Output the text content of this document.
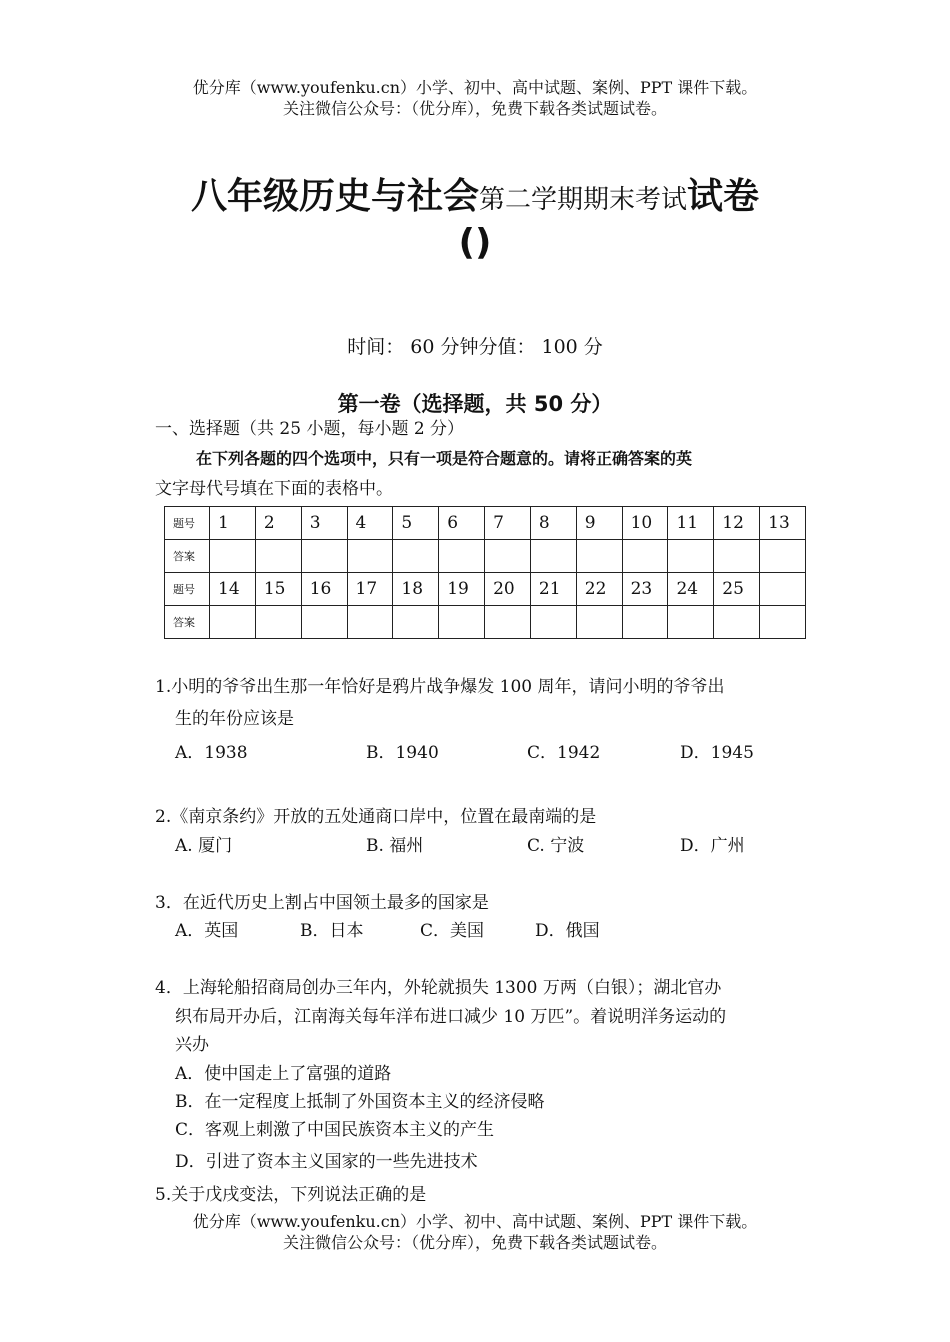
优分库（www.youfenku.cn）小学、初中、高中试题、案例、PPT 课件下载。
关注微信公众号：（优分库），免费下载各类试题试卷。
八年级历史与社会第二学期期末考试试卷
()
时间： 60 分钟分值： 100 分
第一卷（选择题，共 50 分）
一、选择题（共 25 小题，每小题 2 分）
在下列各题的四个选项中，只有一项是符合题意的。请将正确答案的英
文字母代号填在下面的表格中。
题号	1	2	3	4	5	6	7	8	9	10	11	12	13
答案													
题号	14	15	16	17	18	19	20	21	22	23	24	25	
答案													
1.小明的爷爷出生那一年恰好是鸦片战争爆发 100 周年，请问小明的爷爷出
生的年份应该是
A．1938	B．1940	C．1942	D．1945
2.《南京条约》开放的五处通商口岸中，位置在最南端的是
A. 厦门	B. 福州	C. 宁波	D．广州
3．在近代历史上割占中国领土最多的国家是
A．英国	B．日本	C．美国	D．俄国
4．上海轮船招商局创办三年内，外轮就损失 1300 万两（白银）；湖北官办
织布局开办后，江南海关每年洋布进口减少 10 万匹”。着说明洋务运动的
兴办
A．使中国走上了富强的道路
B．在一定程度上抵制了外国资本主义的经济侵略
C．客观上刺激了中国民族资本主义的产生
D．引进了资本主义国家的一些先进技术
5.关于戊戌变法，下列说法正确的是
优分库（www.youfenku.cn）小学、初中、高中试题、案例、PPT 课件下载。
关注微信公众号：（优分库），免费下载各类试题试卷。
